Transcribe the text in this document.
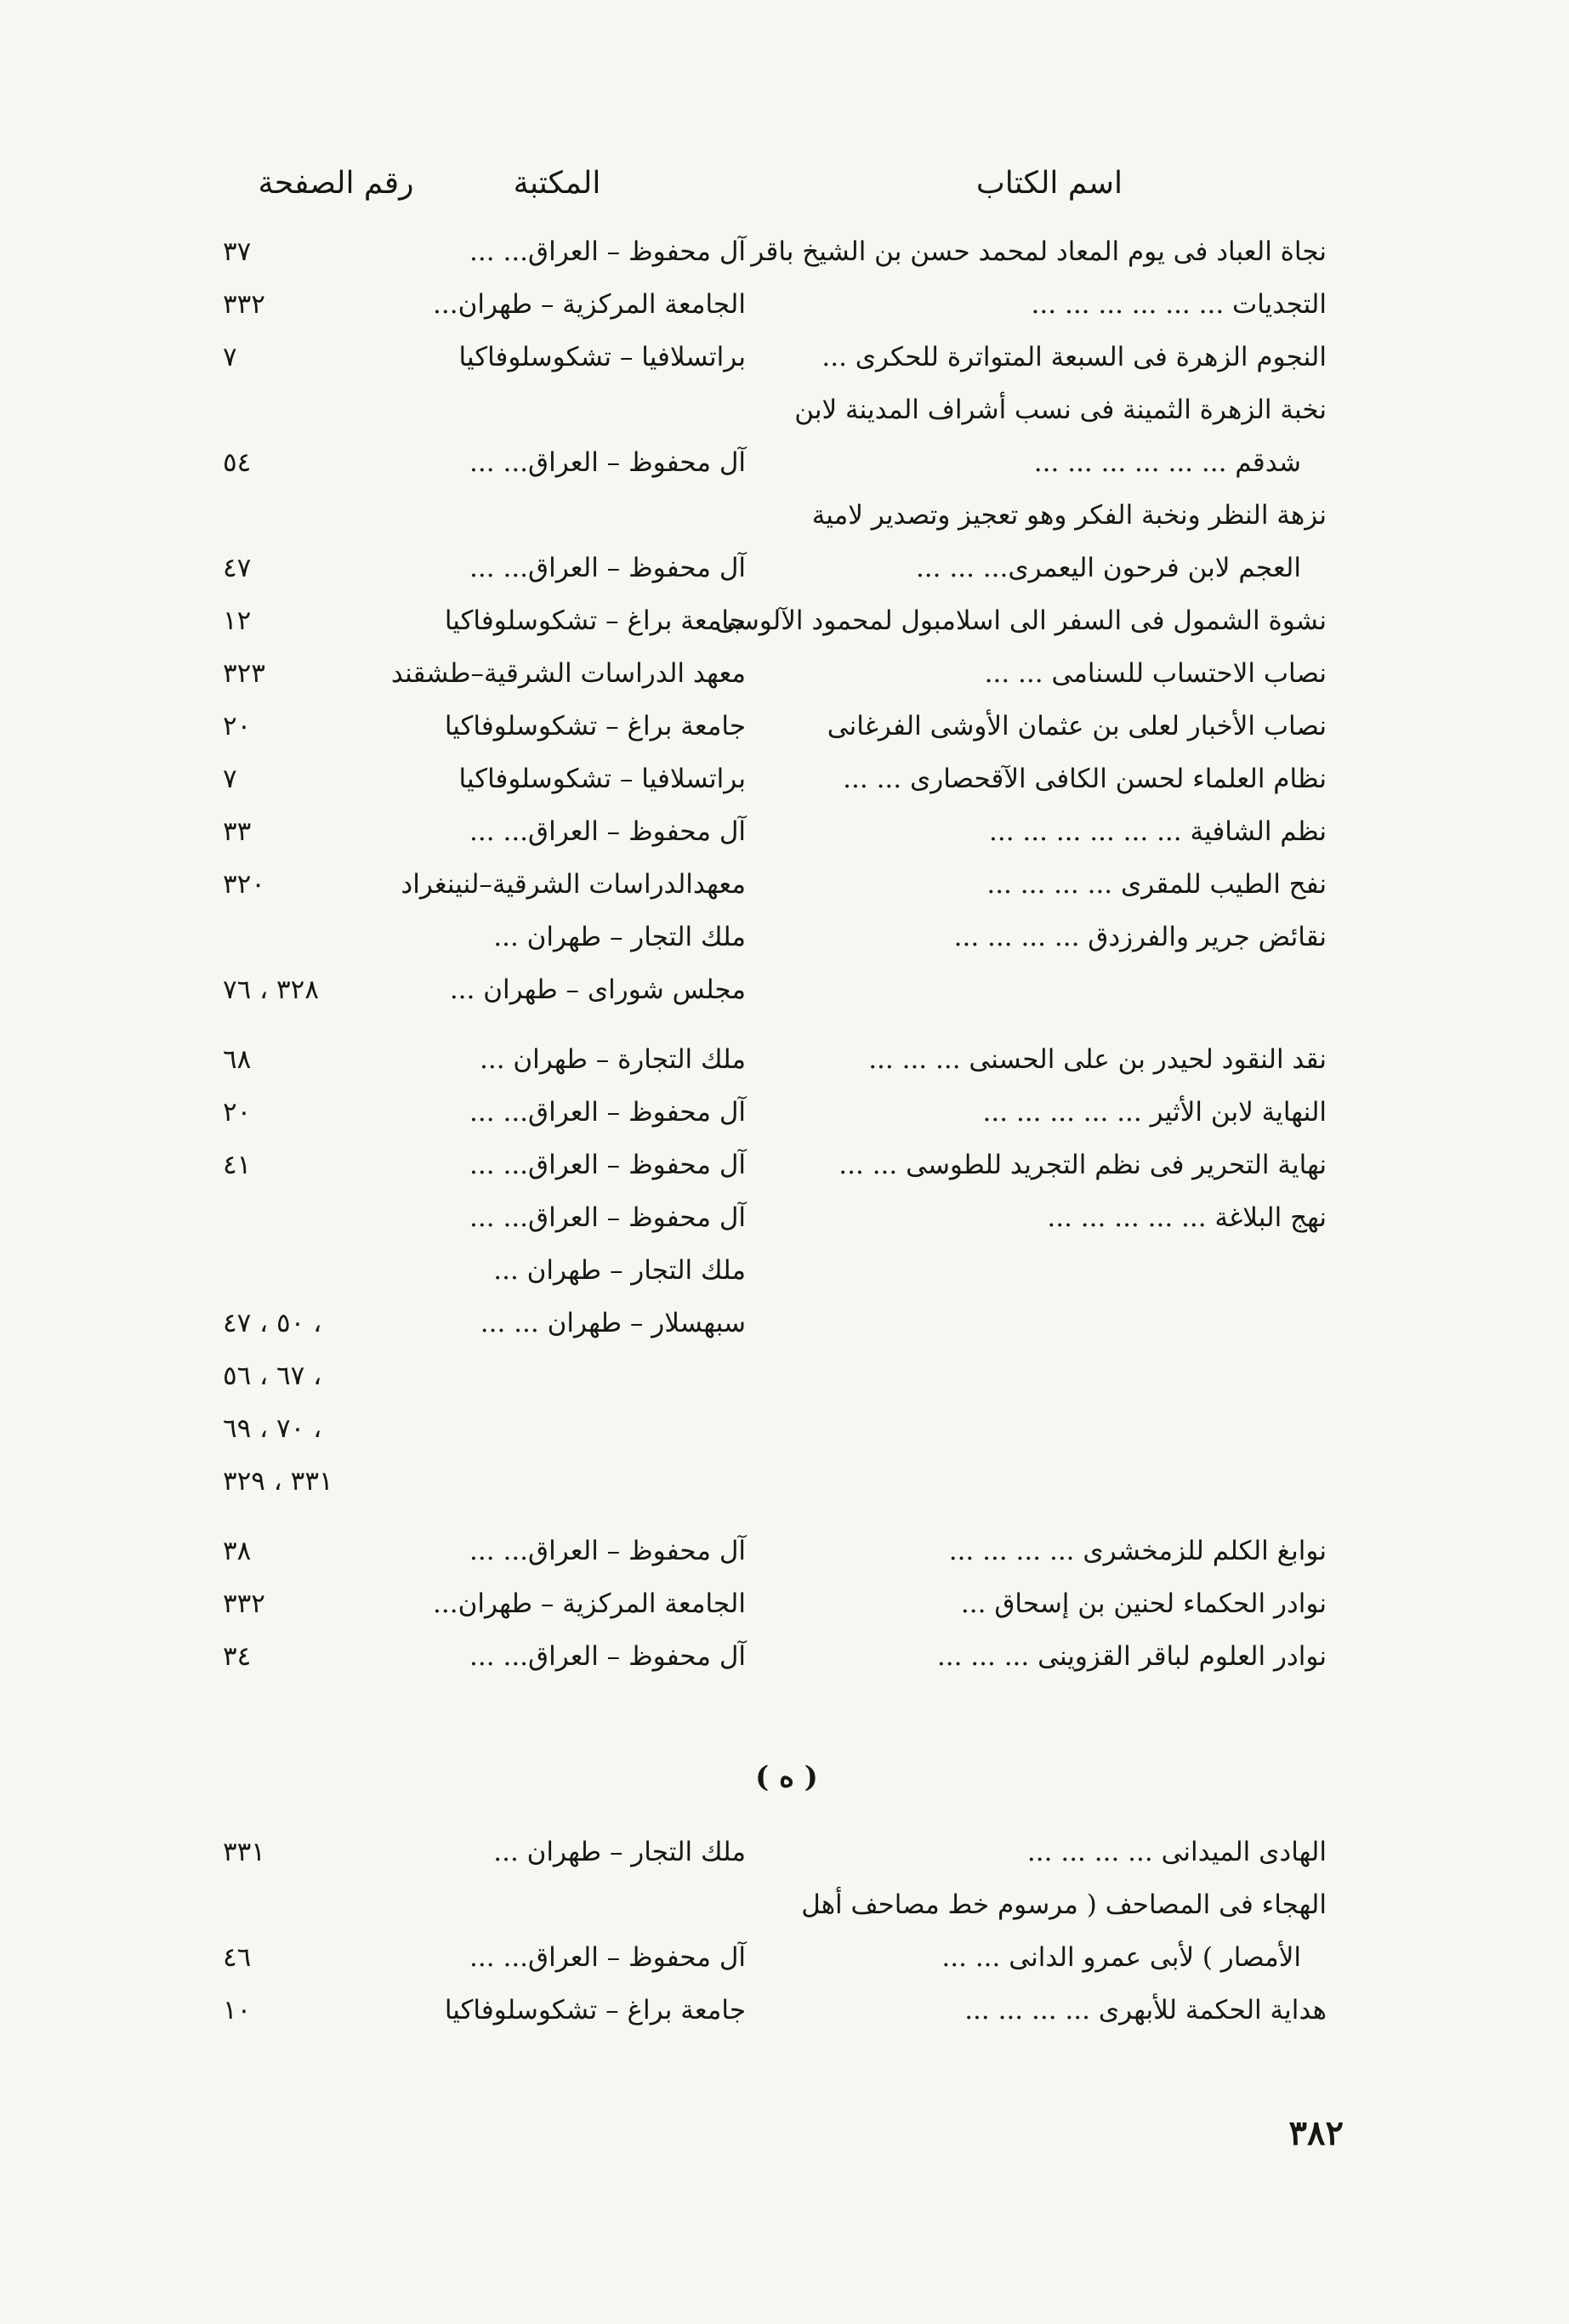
اسم الكتاب
المكتبة
رقم الصفحة
نجاة العباد فى يوم المعاد لمحمد حسن بن الشيخ باقر
آل محفوظ – العراق... ...
٣٧
التجديات ... ... ... ... ... ...
الجامعة المركزية – طهران...
٣٣٢
النجوم الزهرة فى السبعة المتواترة للحكرى ...
براتسلافيا – تشكوسلوفاكيا
٧
نخبة الزهرة الثمينة فى نسب أشراف المدينة لابن
شدقم ... ... ... ... ... ...
آل محفوظ – العراق... ...
٥٤
نزهة النظر ونخبة الفكر وهو تعجيز وتصدير لامية
العجم لابن فرحون اليعمرى... ... ...
آل محفوظ – العراق... ...
٤٧
نشوة الشمول فى السفر الى اسلامبول لمحمود الآلوسى
جامعة براغ – تشكوسلوفاكيا
١٢
نصاب الاحتساب للسنامى ... ...
معهد الدراسات الشرقية–طشقند
٣٢٣
نصاب الأخبار لعلى بن عثمان الأوشى الفرغانى
جامعة براغ – تشكوسلوفاكيا
٢٠
نظام العلماء لحسن الكافى الآقحصارى ... ...
براتسلافيا – تشكوسلوفاكيا
٧
نظم الشافية ... ... ... ... ... ...
آل محفوظ – العراق... ...
٣٣
نفح الطيب للمقرى ... ... ... ...
معهدالدراسات الشرقية–لنينغراد
٣٢٠
نقائض جرير والفرزدق ... ... ... ...
ملك التجار – طهران ...
مجلس شوراى – طهران ...
٣٢٨ ، ٧٦
نقد النقود لحيدر بن على الحسنى ... ... ...
ملك التجارة – طهران ...
٦٨
النهاية لابن الأثير ... ... ... ... ...
آل محفوظ – العراق... ...
٢٠
نهاية التحرير فى نظم التجريد للطوسى ... ...
آل محفوظ – العراق... ...
٤١
نهج البلاغة ... ... ... ... ...
آل محفوظ – العراق... ...
ملك التجار – طهران ...
سبهسلار – طهران ... ...
٥٠ ، ٤٧ ،
٦٧ ، ٥٦ ،
٧٠ ، ٦٩ ،
٣٣١ ، ٣٢٩
نوابغ الكلم للزمخشرى ... ... ... ...
آل محفوظ – العراق... ...
٣٨
نوادر الحكماء لحنين بن إسحاق ...
الجامعة المركزية – طهران...
٣٣٢
نوادر العلوم لباقر القزوينى ... ... ...
آل محفوظ – العراق... ...
٣٤
( ه )
الهادى الميدانى ... ... ... ...
ملك التجار – طهران ...
٣٣١
الهجاء فى المصاحف ( مرسوم خط مصاحف أهل
الأمصار ) لأبى عمرو الدانى ... ...
آل محفوظ – العراق... ...
٤٦
هداية الحكمة للأبهرى ... ... ... ...
جامعة براغ – تشكوسلوفاكيا
١٠
٣٨٢
